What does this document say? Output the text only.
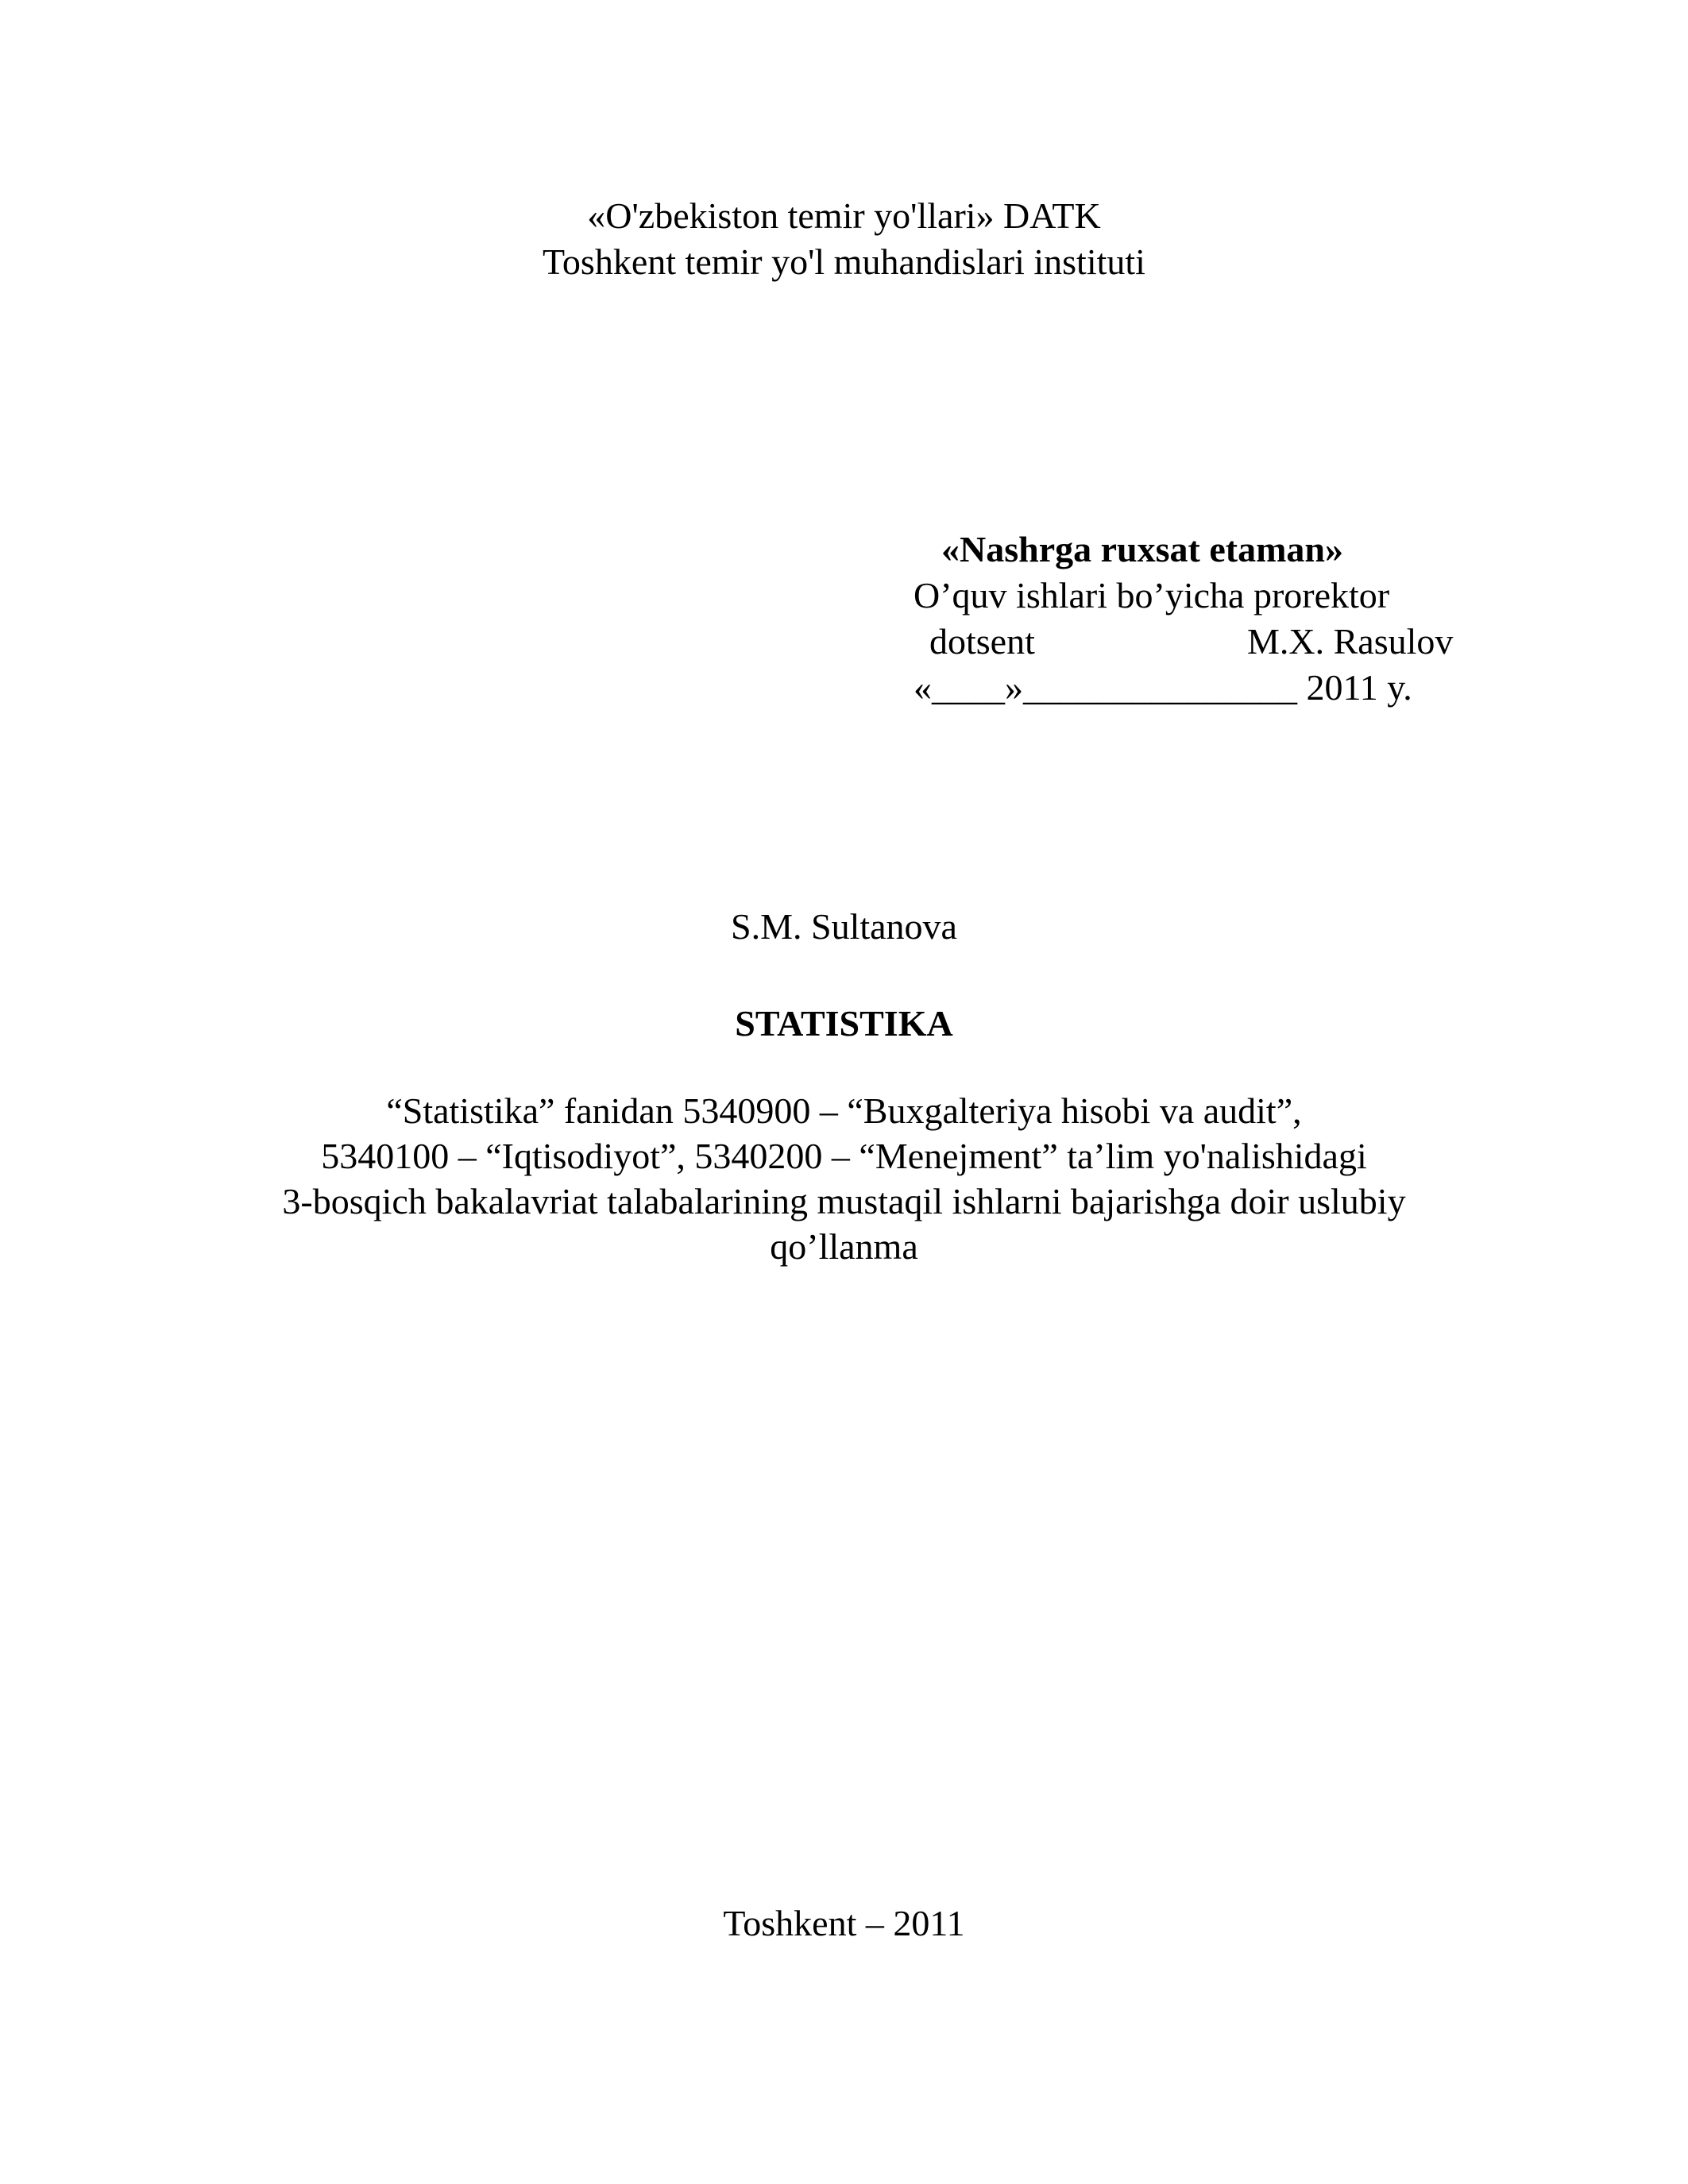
«O'zbekiston temir yo'llari» DATK
Toshkent temir yo'l muhandislari instituti
«Nashrga ruxsat etaman»
O’quv ishlari bo’yicha prorektor
dotsent	M.X. Rasulov
«____»_______________ 2011 y.
S.M. Sultanova
STATISTIKA
“Statistika” fanidan 5340900 – “Buxgalteriya hisobi va audit”,
5340100 – “Iqtisodiyot”, 5340200 – “Menejment” ta’lim yo'nalishidagi
3-bosqich bakalavriat talabalarining mustaqil ishlarni bajarishga doir uslubiy
qo’llanma
Toshkent – 2011
